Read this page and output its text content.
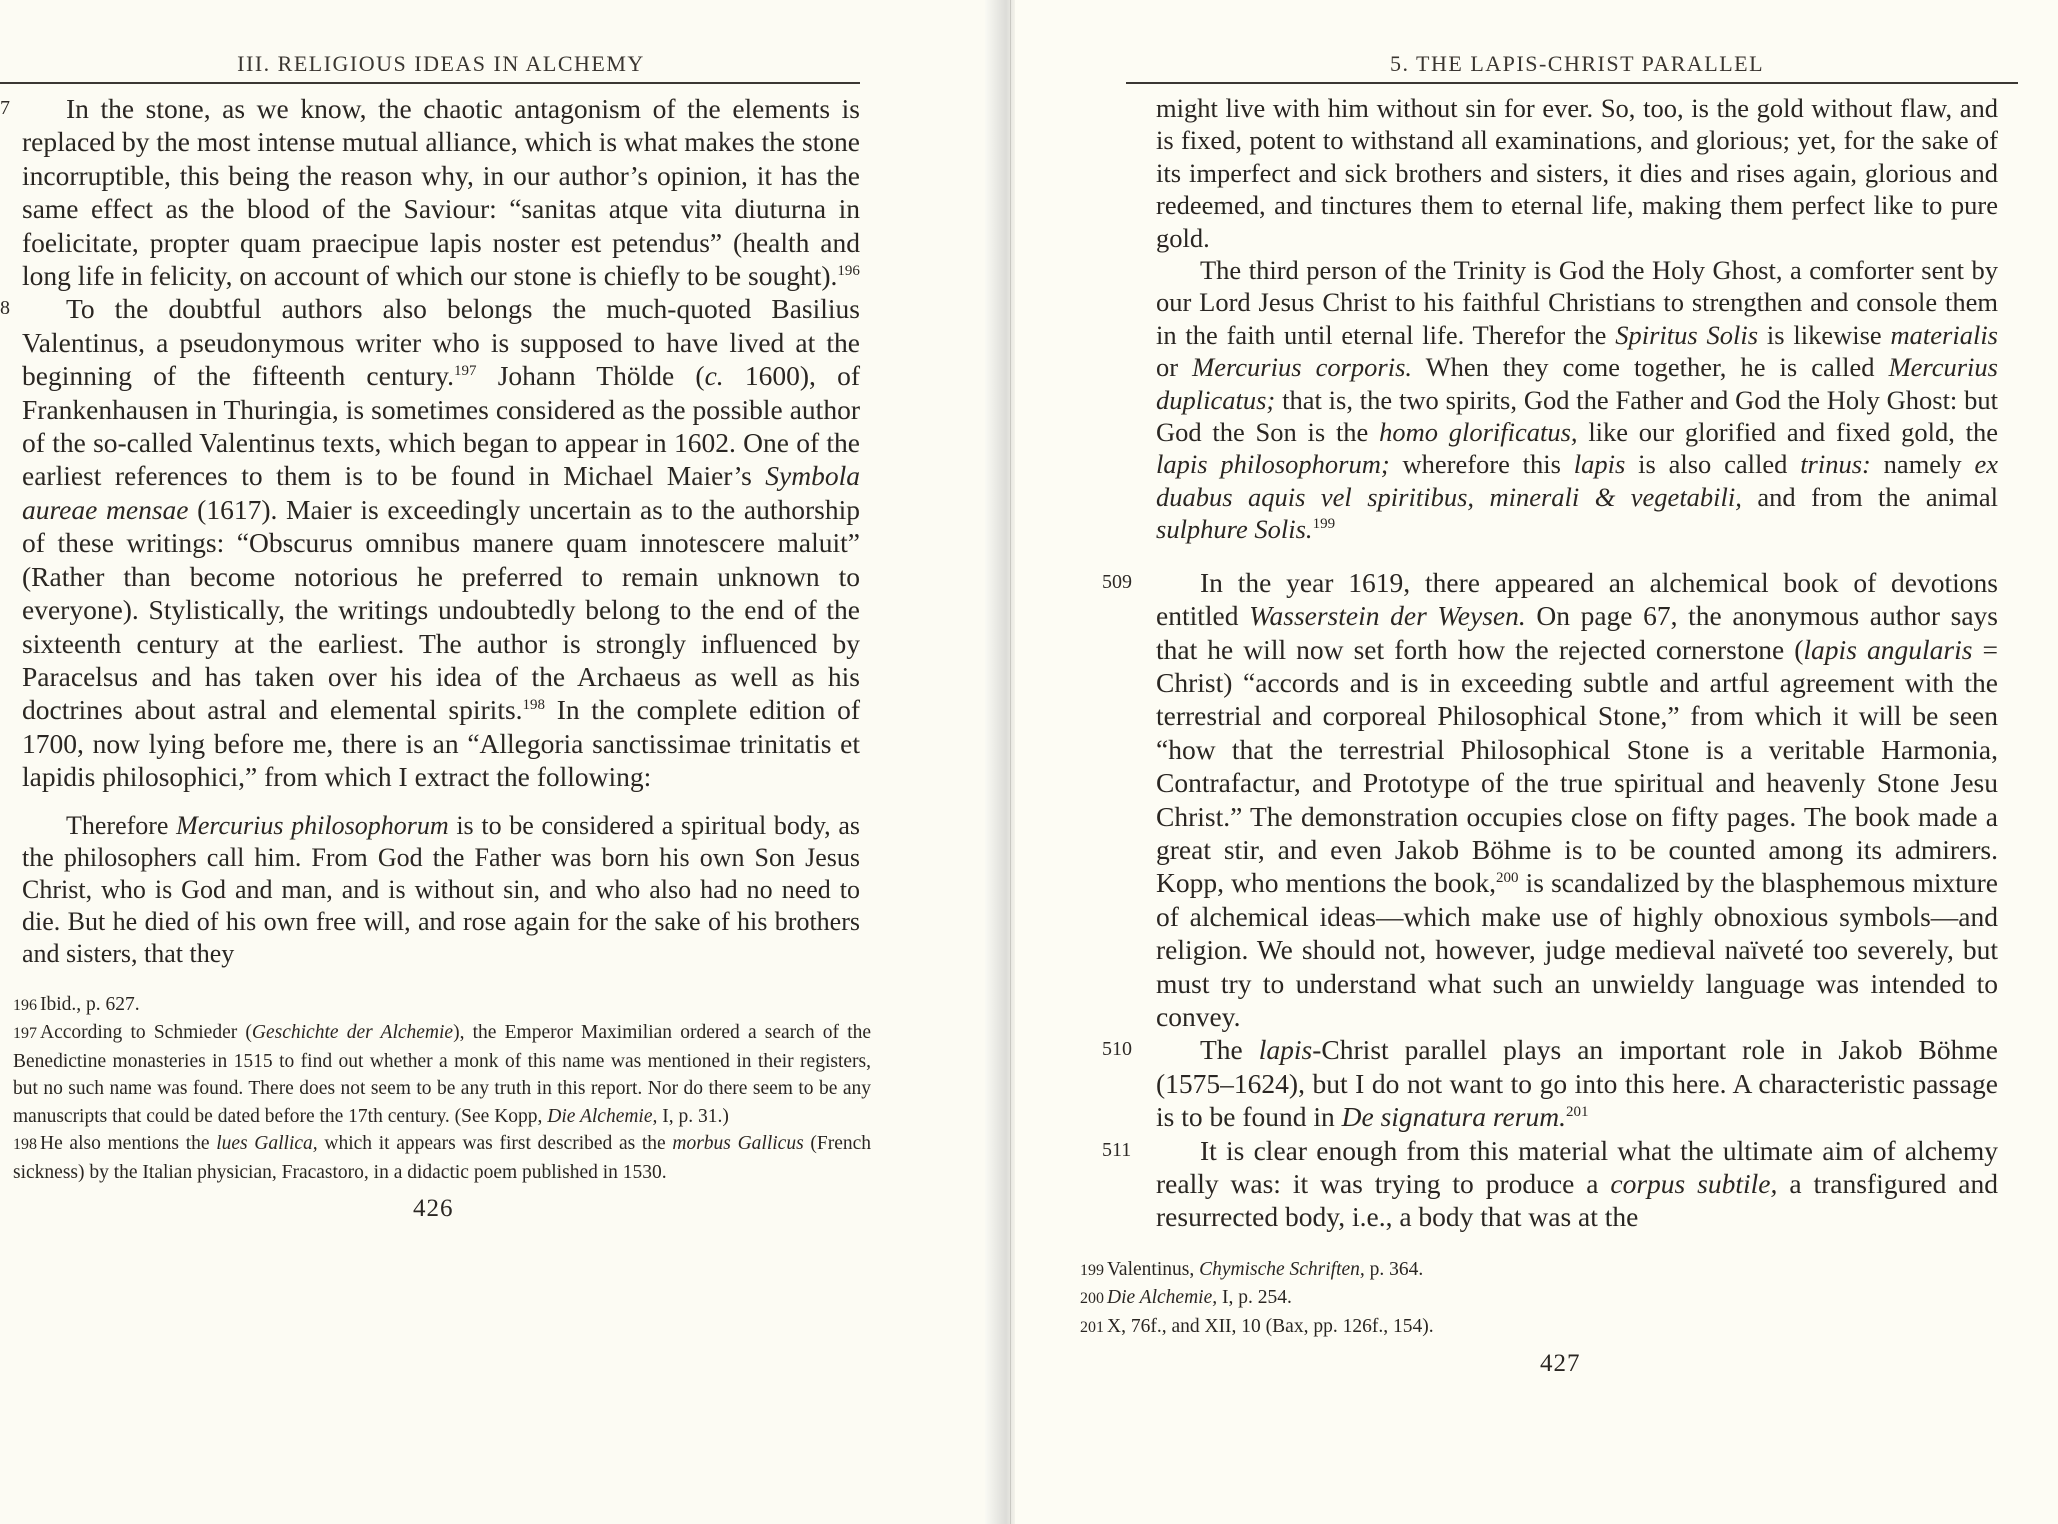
III. RELIGIOUS IDEAS IN ALCHEMY

7 In the stone, as we know, the chaotic antagonism of the elements is replaced by the most intense mutual alliance, which is what makes the stone incorruptible, this being the reason why, in our author’s opinion, it has the same effect as the blood of the Saviour: “sanitas atque vita diuturna in foelicitate, propter quam praecipue lapis noster est petendus” (health and long life in felicity, on account of which our stone is chiefly to be sought).$^{196}$

8 To the doubtful authors also belongs the much-quoted Basilius Valentinus, a pseudonymous writer who is supposed to have lived at the beginning of the fifteenth century.$^{197}$ Johann Thölde (c. 1600), of Frankenhausen in Thuringia, is sometimes considered as the possible author of the so-called Valentinus texts, which began to appear in 1602. One of the earliest references to them is to be found in Michael Maier’s Symbola aureae mensae (1617). Maier is exceedingly uncertain as to the authorship of these writings: “Obscurus omnibus manere quam innotescere maluit” (Rather than become notorious he preferred to remain unknown to everyone). Stylistically, the writings undoubtedly belong to the end of the sixteenth century at the earliest. The author is strongly influenced by Paracelsus and has taken over his idea of the Archaeus as well as his doctrines about astral and elemental spirits.$^{198}$ In the complete edition of 1700, now lying before me, there is an “Allegoria sanctissimae trinitatis et lapidis philosophici,” from which I extract the following:

Therefore Mercurius philosophorum is to be considered a spiritual body, as the philosophers call him. From God the Father was born his own Son Jesus Christ, who is God and man, and is without sin, and who also had no need to die. But he died of his own free will, and rose again for the sake of his brothers and sisters, that they

196 Ibid., p. 627.
197 According to Schmieder (Geschichte der Alchemie), the Emperor Maximilian ordered a search of the Benedictine monasteries in 1515 to find out whether a monk of this name was mentioned in their registers, but no such name was found. There does not seem to be any truth in this report. Nor do there seem to be any manuscripts that could be dated before the 17th century. (See Kopp, Die Alchemie, I, p. 31.)
198 He also mentions the lues Gallica, which it appears was first described as the morbus Gallicus (French sickness) by the Italian physician, Fracastoro, in a didactic poem published in 1530.
426
5. THE LAPIS-CHRIST PARALLEL

might live with him without sin for ever. So, too, is the gold without flaw, and is fixed, potent to withstand all examinations, and glorious; yet, for the sake of its imperfect and sick brothers and sisters, it dies and rises again, glorious and redeemed, and tinctures them to eternal life, making them perfect like to pure gold.

The third person of the Trinity is God the Holy Ghost, a comforter sent by our Lord Jesus Christ to his faithful Christians to strengthen and console them in the faith until eternal life. Therefor the Spiritus Solis is likewise materialis or Mercurius corporis. When they come together, he is called Mercurius duplicatus; that is, the two spirits, God the Father and God the Holy Ghost: but God the Son is the homo glorificatus, like our glorified and fixed gold, the lapis philosophorum; wherefore this lapis is also called trinus: namely ex duabus aquis vel spiritibus, minerali & vegetabili, and from the animal sulphure Solis.$^{199}$

509 In the year 1619, there appeared an alchemical book of devotions entitled Wasserstein der Weysen. On page 67, the anonymous author says that he will now set forth how the rejected cornerstone (lapis angularis = Christ) “accords and is in exceeding subtle and artful agreement with the terrestrial and corporeal Philosophical Stone,” from which it will be seen “how that the terrestrial Philosophical Stone is a veritable Harmonia, Contrafactur, and Prototype of the true spiritual and heavenly Stone Jesu Christ.” The demonstration occupies close on fifty pages. The book made a great stir, and even Jakob Böhme is to be counted among its admirers. Kopp, who mentions the book,$^{200}$ is scandalized by the blasphemous mixture of alchemical ideas—which make use of highly obnoxious symbols—and religion. We should not, however, judge medieval naïveté too severely, but must try to understand what such an unwieldy language was intended to convey.

510 The lapis-Christ parallel plays an important role in Jakob Böhme (1575–1624), but I do not want to go into this here. A characteristic passage is to be found in De signatura rerum.$^{201}$

511 It is clear enough from this material what the ultimate aim of alchemy really was: it was trying to produce a corpus subtile, a transfigured and resurrected body, i.e., a body that was at the

199 Valentinus, Chymische Schriften, p. 364.
200 Die Alchemie, I, p. 254.
201 X, 76f., and XII, 10 (Bax, pp. 126f., 154).
427
